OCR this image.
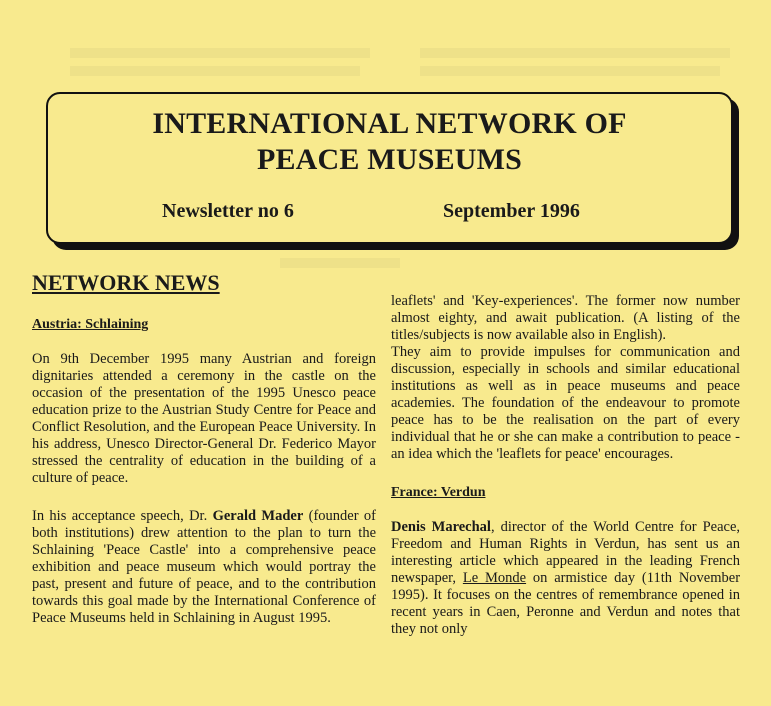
INTERNATIONAL NETWORK OF
PEACE MUSEUMS
Newsletter no 6	September 1996
NETWORK NEWS

Austria: Schlaining

On 9th December 1995 many Austrian and foreign dignitaries attended a ceremony in the castle on the occasion of the presentation of the 1995 Unesco peace education prize to the Austrian Study Centre for Peace and Conflict Resolution, and the European Peace University. In his address, Unesco Director-General Dr. Federico Mayor stressed the centrality of education in the building of a culture of peace.

In his acceptance speech, Dr. Gerald Mader (founder of both institutions) drew attention to the plan to turn the Schlaining 'Peace Castle' into a comprehensive peace exhibition and peace museum which would portray the past, present and future of peace, and to the contribution towards this goal made by the International Conference of Peace Museums held in Schlaining in August 1995.

leaflets' and 'Key-experiences'. The former now number almost eighty, and await publication. (A listing of the titles/subjects is now available also in English).

They aim to provide impulses for communication and discussion, especially in schools and similar educational institutions as well as in peace museums and peace academies. The foundation of the endeavour to promote peace has to be the realisation on the part of every individual that he or she can make a contribution to peace - an idea which the 'leaflets for peace' encourages.

France: Verdun

Denis Marechal, director of the World Centre for Peace, Freedom and Human Rights in Verdun, has sent us an interesting article which appeared in the leading French newspaper, Le Monde on armistice day (11th November 1995). It focuses on the centres of remembrance opened in recent years in Caen, Peronne and Verdun and notes that they not only
